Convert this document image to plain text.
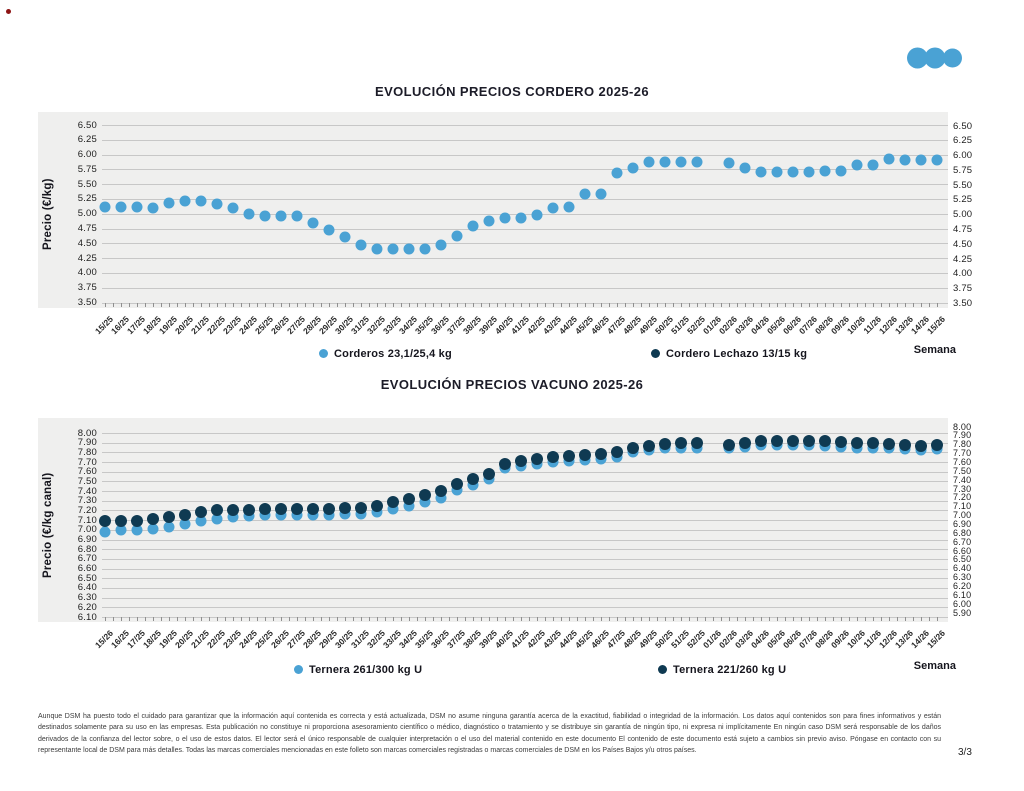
EVOLUCIÓN PRECIOS CORDERO 2025-26
6.50
6.25
6.00
5.75
5.50
5.25
5.00
4.75
4.50
4.25
4.00
3.75
3.50
6.50
6.25
6.00
5.75
5.50
5.25
5.00
4.75
4.50
4.25
4.00
3.75
3.50
15/25
16/25
17/25
18/25
19/25
20/25
21/25
22/25
23/25
24/25
25/25
26/25
27/25
28/25
29/25
30/25
31/25
32/25
33/25
34/25
35/25
36/25
37/25
38/25
39/25
40/25
41/25
42/25
43/25
44/25
45/25
46/25
47/25
48/25
49/25
50/25
51/25
52/25
01/26
02/26
03/26
04/26
05/26
06/26
07/26
08/26
09/26
10/26
11/26
12/26
13/26
14/26
15/26
Precio (€/kg)
Corderos 23,1/25,4 kg	Cordero Lechazo 13/15 kg	Semana
EVOLUCIÓN PRECIOS VACUNO 2025-26
8.00
7.90
7.80
7.70
7.60
7.50
7.40
7.30
7.20
7.10
7.00
6.90
6.80
6.70
6.60
6.50
6.40
6.30
6.20
6.10
8.00
7.90
7.80
7.70
7.60
7.50
7.40
7.30
7.20
7.10
7.00
6.90
6.80
6.70
6.60
6.50
6.40
6.30
6.20
6.10
6.00
5.90
15/26
16/25
17/25
18/25
19/25
20/25
21/25
22/25
23/25
24/25
25/25
26/25
27/25
28/25
29/25
30/25
31/25
32/25
33/25
34/25
35/25
36/25
37/25
38/25
39/25
40/25
41/25
42/25
43/25
44/25
45/25
46/25
47/25
48/25
49/25
50/25
51/25
52/25
01/26
02/26
03/26
04/26
05/26
06/26
07/26
08/26
09/26
10/26
11/26
12/26
13/26
14/26
15/26
Precio (€/kg canal)
Ternera 261/300 kg U	Ternera 221/260 kg U	Semana
Aunque DSM ha puesto todo el cuidado para garantizar que la información aquí contenida es correcta y está actualizada, DSM no asume ninguna garantía acerca de la exactitud, fiabilidad o integridad de la información. Los datos aquí contenidos son para fines informativos y están destinados solamente para su uso en las empresas. Esta publicación no constituye ni proporciona asesoramiento científico o médico, diagnóstico o tratamiento y se distribuye sin garantía de ningún tipo, ni expresa ni implícitamente En ningún caso DSM será responsable de los daños derivados de la confianza del lector sobre, o el uso de estos datos. El lector será el único responsable de cualquier interpretación o el uso del material contenido en este documento El contenido de este documento está sujeto a cambios sin previo aviso. Póngase en contacto con su representante local de DSM para más detalles. Todas las marcas comerciales mencionadas en este folleto son marcas comerciales registradas o marcas comerciales de DSM en los Países Bajos y/u otros países.	3/3
